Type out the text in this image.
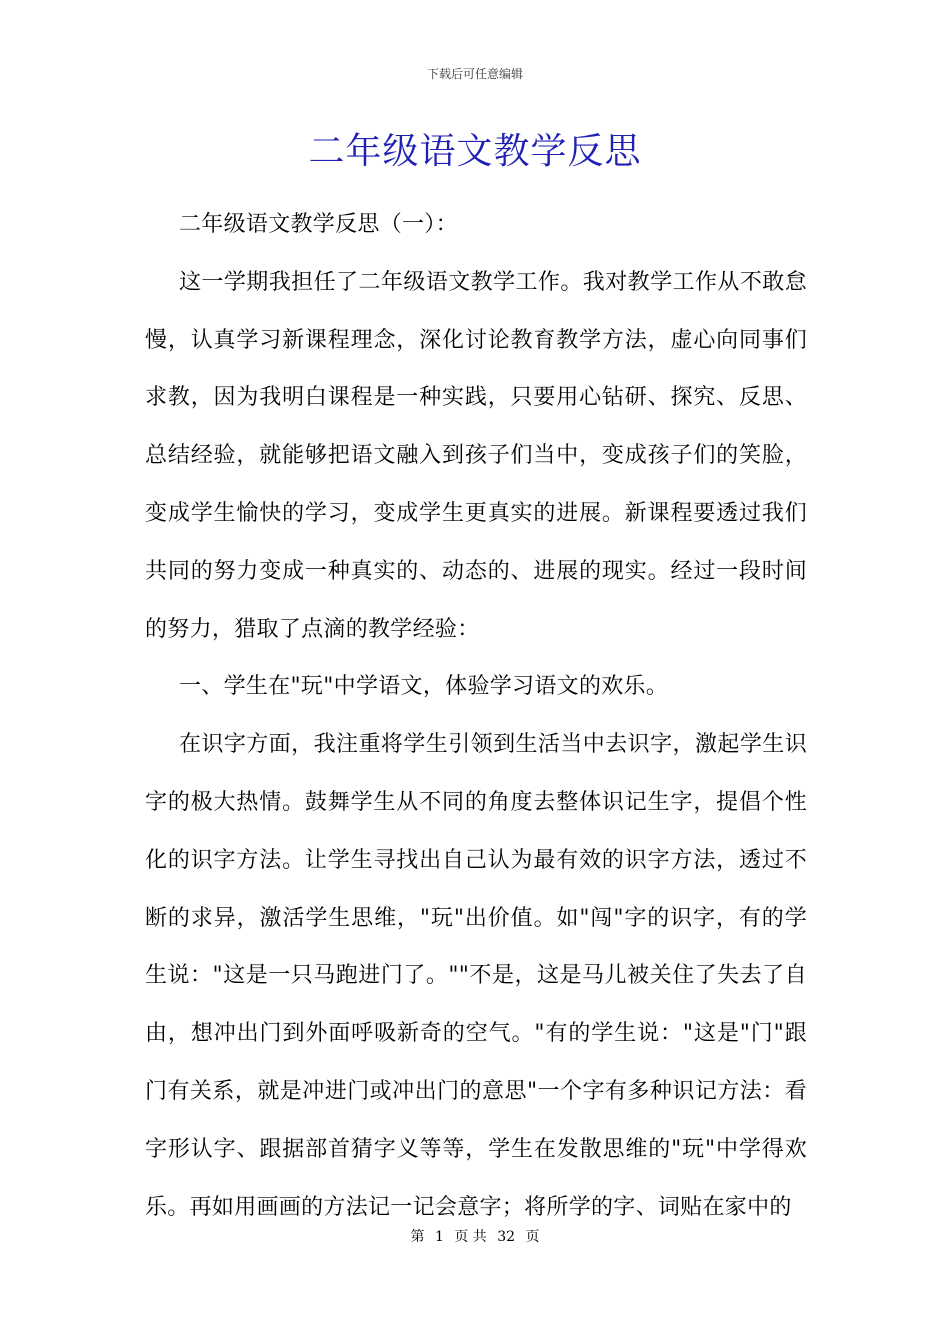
下载后可任意编辑
二年级语文教学反思

二年级语文教学反思（一）：

这一学期我担任了二年级语文教学工作。我对教学工作从不敢怠慢，认真学习新课程理念，深化讨论教育教学方法，虚心向同事们求教，因为我明白课程是一种实践，只要用心钻研、探究、反思、总结经验，就能够把语文融入到孩子们当中，变成孩子们的笑脸，变成学生愉快的学习，变成学生更真实的进展。新课程要透过我们共同的努力变成一种真实的、动态的、进展的现实。经过一段时间的努力，猎取了点滴的教学经验：

一、学生在"玩"中学语文，体验学习语文的欢乐。

在识字方面，我注重将学生引领到生活当中去识字，激起学生识字的极大热情。鼓舞学生从不同的角度去整体识记生字，提倡个性化的识字方法。让学生寻找出自己认为最有效的识字方法，透过不断的求异，激活学生思维，"玩"出价值。如"闯"字的识字，有的学生说："这是一只马跑进门了。""不是，这是马儿被关住了失去了自由，想冲出门到外面呼吸新奇的空气。"有的学生说："这是"门"跟门有关系，就是冲进门或冲出门的意思"一个字有多种识记方法：看字形认字、跟据部首猜字义等等，学生在发散思维的"玩"中学得欢乐。再如用画画的方法记一记会意字；将所学的字、词贴在家中的

第 1 页 共 32 页
